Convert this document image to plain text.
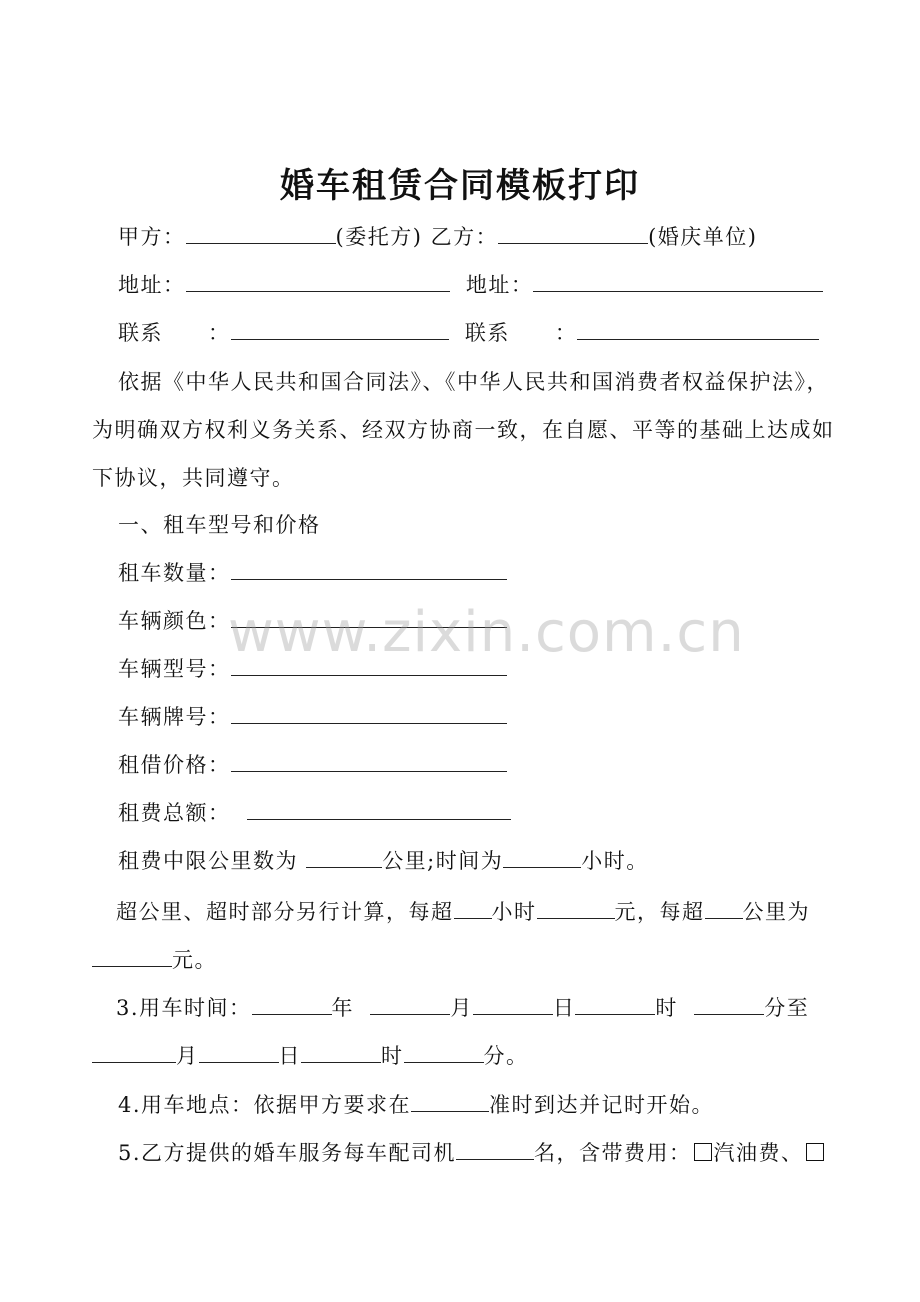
婚车租赁合同模板打印
甲方：	(委托方) 乙方：	(婚庆单位)
地址：	地址：
联系　　：	联系　　：
依据《中华人民共和国合同法》、《中华人民共和国消费者权益保护法》，为明确双方权利义务关系、经双方协商一致，在自愿、平等的基础上达成如下协议，共同遵守。
一、租车型号和价格
租车数量：
车辆颜色：
车辆型号：
车辆牌号：
租借价格：
租费总额：
租费中限公里数为	公里;时间为	小时。
超公里、超时部分另行计算，每超 小时	元，每超 公里为
元。
3.用车时间：	年	月	日	时	分至
月	日	时	分。
4.用车地点：依据甲方要求在	准时到达并记时开始。
5.乙方提供的婚车服务每车配司机	名，含带费用： 汽油费、
www.zixin.com.cn
